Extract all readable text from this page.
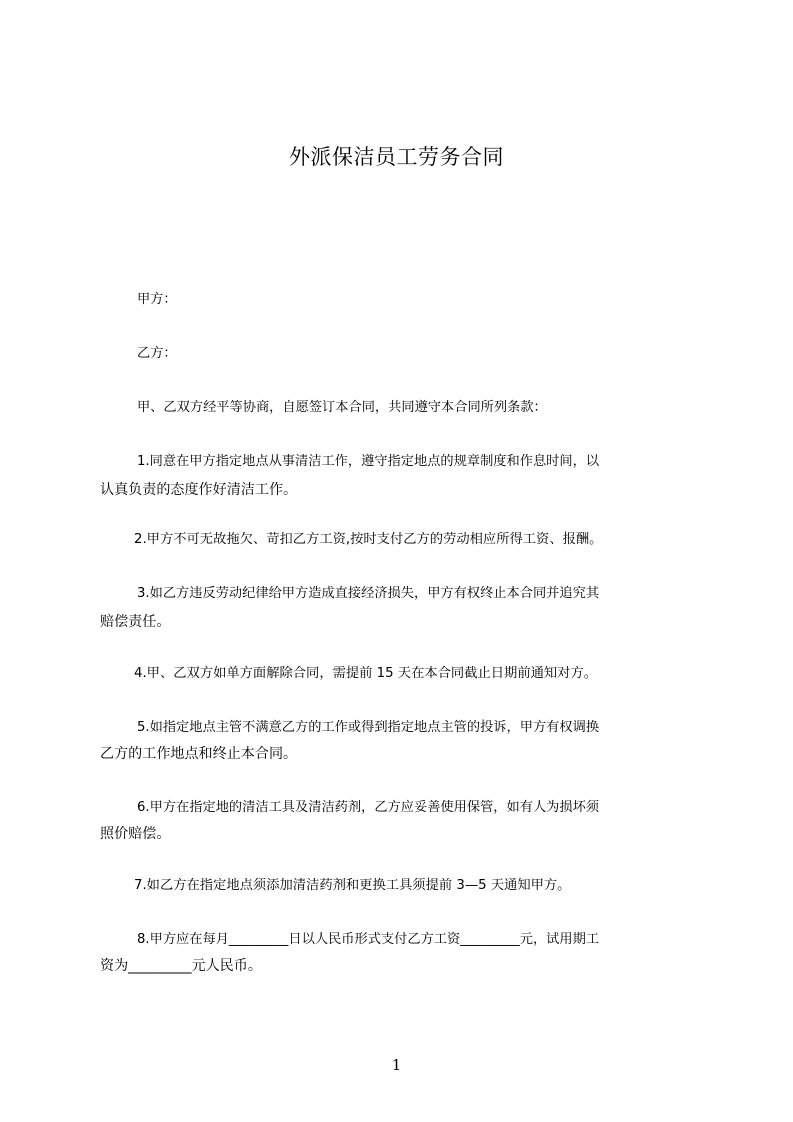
外派保洁员工劳务合同
甲方：
乙方：
甲、乙双方经平等协商，自愿签订本合同，共同遵守本合同所列条款：
1.同意在甲方指定地点从事清洁工作，遵守指定地点的规章制度和作息时间，以
认真负责的态度作好清洁工作。
2.甲方不可无故拖欠、苛扣乙方工资,按时支付乙方的劳动相应所得工资、报酬。
3.如乙方违反劳动纪律给甲方造成直接经济损失，甲方有权终止本合同并追究其
赔偿责任。
4.甲、乙双方如单方面解除合同，需提前 15 天在本合同截止日期前通知对方。
5.如指定地点主管不满意乙方的工作或得到指定地点主管的投诉，甲方有权调换
乙方的工作地点和终止本合同。
6.甲方在指定地的清洁工具及清洁药剂，乙方应妥善使用保管，如有人为损坏须
照价赔偿。
7.如乙方在指定地点须添加清洁药剂和更换工具须提前 3—5 天通知甲方。
8.甲方应在每月_________日以人民币形式支付乙方工资_________元，试用期工
资为_________元人民币。
1
